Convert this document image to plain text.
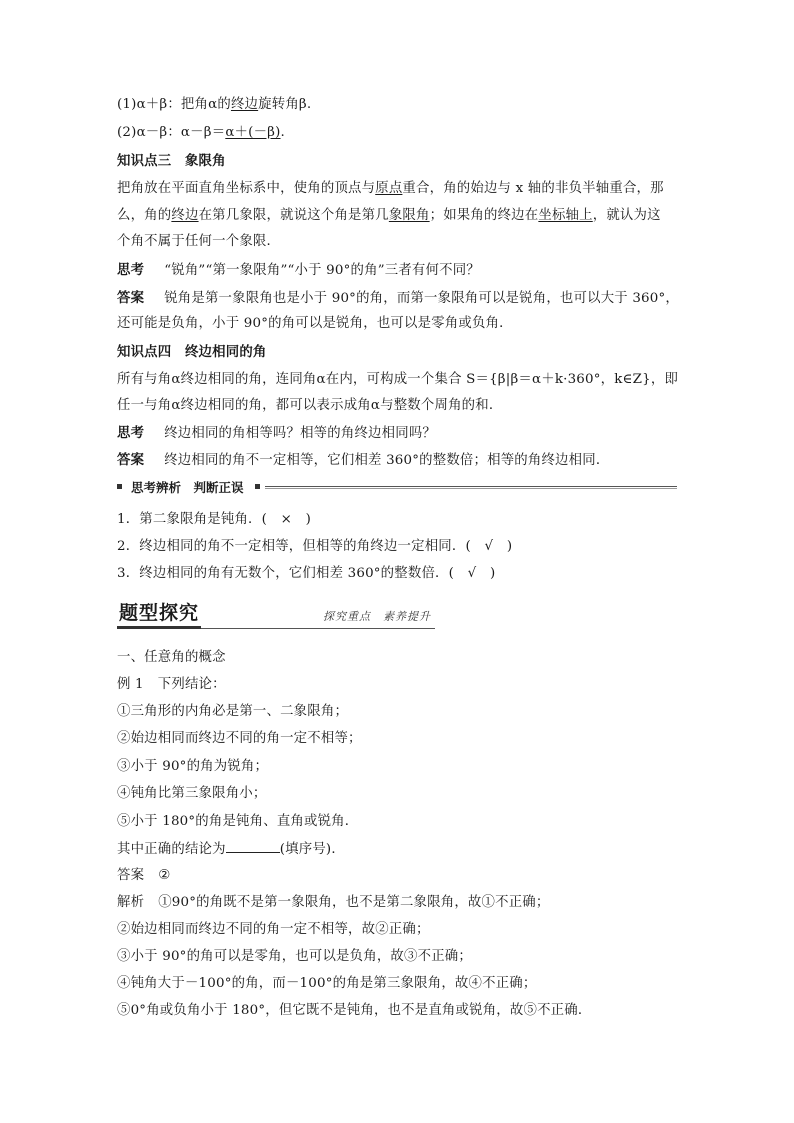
(1)α＋β：把角α的终边旋转角β.
(2)α－β：α－β＝α＋(－β).
知识点三　象限角
把角放在平面直角坐标系中，使角的顶点与原点重合，角的始边与 x 轴的非负半轴重合，那
么，角的终边在第几象限，就说这个角是第几象限角；如果角的终边在坐标轴上，就认为这
个角不属于任何一个象限．
思考 “锐角”“第一象限角”“小于 90°的角”三者有何不同？
答案 锐角是第一象限角也是小于 90°的角，而第一象限角可以是锐角，也可以大于 360°，
还可能是负角，小于 90°的角可以是锐角，也可以是零角或负角．
知识点四　终边相同的角
所有与角α终边相同的角，连同角α在内，可构成一个集合 S＝{β|β＝α＋k·360°，k∈Z}，即
任一与角α终边相同的角，都可以表示成角α与整数个周角的和．
思考 终边相同的角相等吗？相等的角终边相同吗？
答案 终边相同的角不一定相等，它们相差 360°的整数倍；相等的角终边相同．
思考辨析　判断正误
1．第二象限角是钝角．(　×　)
2．终边相同的角不一定相等，但相等的角终边一定相同．(　√　)
3．终边相同的角有无数个，它们相差 360°的整数倍．(　√　)
题型探究	探究重点　素养提升
一、任意角的概念
例 1 下列结论：
①三角形的内角必是第一、二象限角；
②始边相同而终边不同的角一定不相等；
③小于 90°的角为锐角；
④钝角比第三象限角小；
⑤小于 180°的角是钝角、直角或锐角．
其中正确的结论为	(填序号)．
答案 ②
解析 ①90°的角既不是第一象限角，也不是第二象限角，故①不正确；
②始边相同而终边不同的角一定不相等，故②正确；
③小于 90°的角可以是零角，也可以是负角，故③不正确；
④钝角大于－100°的角，而－100°的角是第三象限角，故④不正确；
⑤0°角或负角小于 180°，但它既不是钝角，也不是直角或锐角，故⑤不正确．
